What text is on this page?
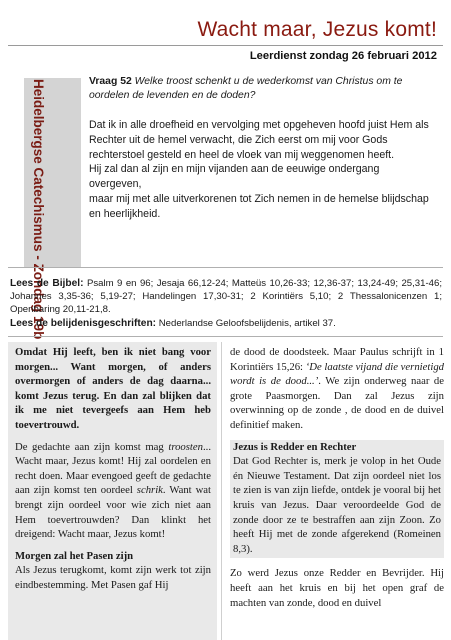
Wacht maar, Jezus komt!
Leerdienst zondag 26 februari 2012
Heidelbergse Catechismus - Zondag 19b	Vraag 52 Welke troost schenkt u de wederkomst van Christus om te oordelen de levenden en de doden?

Dat ik in alle droefheid en vervolging met opgeheven hoofd juist Hem als Rechter uit de hemel verwacht, die Zich eerst om mij voor Gods rechterstoel gesteld en heel de vloek van mij weggenomen heeft.

Hij zal dan al zijn en mijn vijanden aan de eeuwige ondergang overgeven,

maar mij met alle uitverkorenen tot Zich nemen in de hemelse blijdschap en heerlijkheid.

Lees de Bijbel: Psalm 9 en 96; Jesaja 66,12-24; Matteüs 10,26-33; 12,36-37; 13,24-49; 25,31-46; Johannes 3,35-36; 5,19-27; Handelingen 17,30-31; 2 Korintiërs 5,10; 2 Thessalonicenzen 1; Openbaring 20,11-21,8.

Lees de belijdenisgeschriften: Nederlandse Geloofsbelijdenis, artikel 37.

Omdat Hij leeft, ben ik niet bang voor morgen... Want morgen, of anders overmorgen of anders de dag daarna... komt Jezus terug. En dan zal blijken dat ik me niet tevergeefs aan Hem heb toevertrouwd.

De gedachte aan zijn komst mag troosten... Wacht maar, Jezus komt! Hij zal oordelen en recht doen. Maar evengoed geeft de gedachte aan zijn komst ten oordeel schrik. Want wat brengt zijn oordeel voor wie zich niet aan Hem toevertrouwden? Dan klinkt het dreigend: Wacht maar, Jezus komt!

Morgen zal het Pasen zijn

Als Jezus terugkomt, komt zijn werk tot zijn eindbestemming. Met Pasen gaf Hij

de dood de doodsteek. Maar Paulus schrijft in 1 Korintiërs 15,26: ‘De laatste vijand die vernietigd wordt is de dood...’. We zijn onderweg naar de grote Paasmorgen. Dan zal Jezus zijn overwinning op de zonde , de dood en de duivel definitief maken.

Jezus is Redder en Rechter

Dat God Rechter is, merk je volop in het Oude én Nieuwe Testament. Dat zijn oordeel niet los te zien is van zijn liefde, ontdek je vooral bij het kruis van Jezus. Daar veroordeelde God de zonde door ze te bestraffen aan zijn Zoon. Zo heeft Hij met de zonde afgerekend (Romeinen 8,3).

Zo werd Jezus onze Redder en Bevrijder. Hij heeft aan het kruis en bij het open graf de machten van zonde, dood en duivel
